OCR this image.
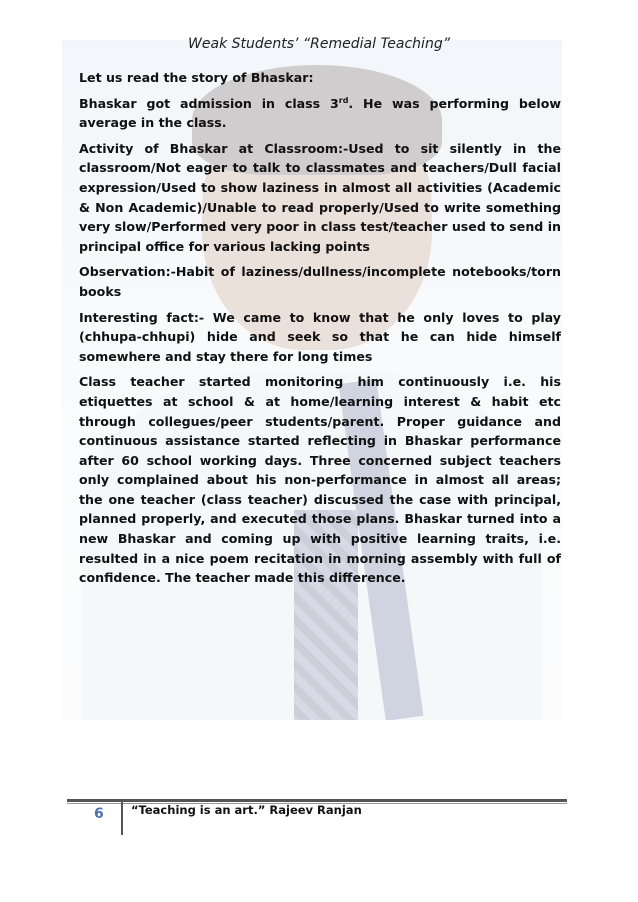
Weak Students’ “Remedial Teaching”

Let us read the story of Bhaskar:

Bhaskar got admission in class 3rd. He was performing below average in the class.

Activity of Bhaskar at Classroom:-Used to sit silently in the classroom/Not eager to talk to classmates and teachers/Dull facial expression/Used to show laziness in almost all activities (Academic & Non Academic)/Unable to read properly/Used to write something very slow/Performed very poor in class test/teacher used to send in principal office for various lacking points

Observation:-Habit of laziness/dullness/incomplete notebooks/torn books

Interesting fact:- We came to know that he only loves to play (chhupa-chhupi) hide and seek so that he can hide himself somewhere and stay there for long times

Class teacher started monitoring him continuously i.e. his etiquettes at school & at home/learning interest & habit etc through collegues/peer students/parent. Proper guidance and continuous assistance started reflecting in Bhaskar performance after 60 school working days. Three concerned subject teachers only complained about his non-performance in almost all areas; the one teacher (class teacher) discussed the case with principal, planned properly, and executed those plans. Bhaskar turned into a new Bhaskar and coming up with positive learning traits, i.e. resulted in a nice poem recitation in morning assembly with full of confidence. The teacher made this difference.

6 “Teaching is an art.” Rajeev Ranjan
